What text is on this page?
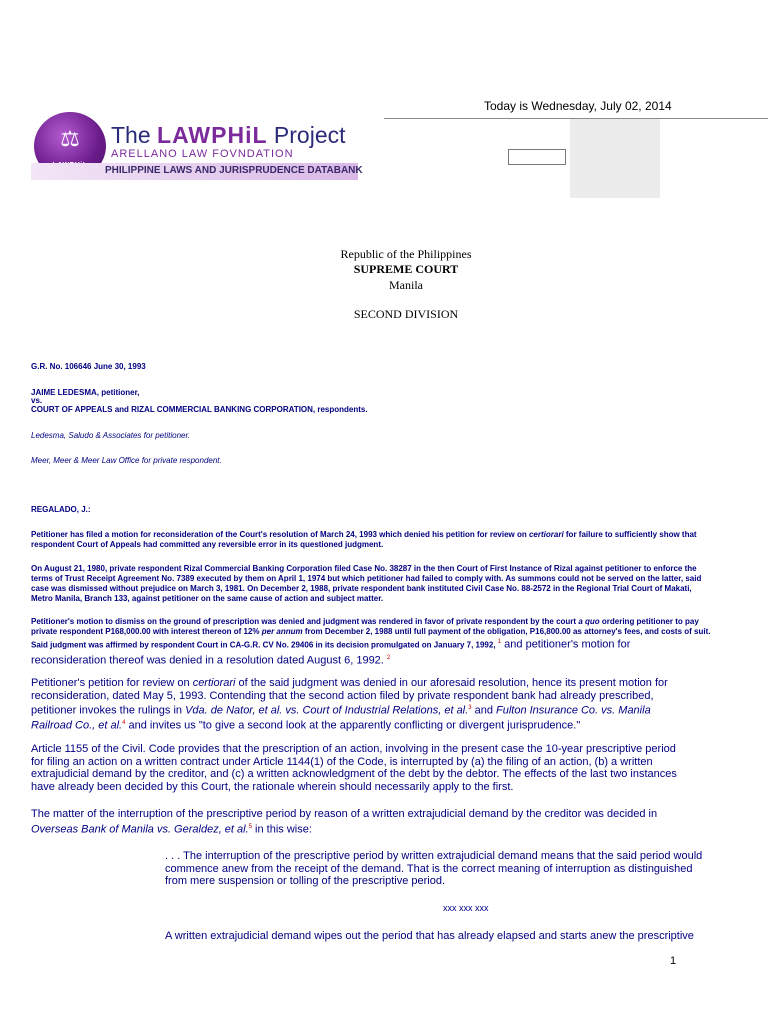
Today is Wednesday, July 02, 2014
⚖	The LAWPHiL Project
ARELLANO LAW FOVNDATION
PHILIPPINE LAWS AND JURISPRUDENCE DATABANK
Republic of the Philippines
SUPREME COURT
Manila
SECOND DIVISION
G.R. No. 106646 June 30, 1993
JAIME LEDESMA, petitioner,
vs.
COURT OF APPEALS and RIZAL COMMERCIAL BANKING CORPORATION, respondents.
Ledesma, Saludo & Associates for petitioner.
Meer, Meer & Meer Law Office for private respondent.
REGALADO, J.:
Petitioner has filed a motion for reconsideration of the Court's resolution of March 24, 1993 which denied his petition for review on certiorari for failure to sufficiently show that
respondent Court of Appeals had committed any reversible error in its questioned judgment.
On August 21, 1980, private respondent Rizal Commercial Banking Corporation filed Case No. 38287 in the then Court of First Instance of Rizal against petitioner to enforce the
terms of Trust Receipt Agreement No. 7389 executed by them on April 1, 1974 but which petitioner had failed to comply with. As summons could not be served on the latter, said
case was dismissed without prejudice on March 3, 1981. On December 2, 1988, private respondent bank instituted Civil Case No. 88-2572 in the Regional Trial Court of Makati,
Metro Manila, Branch 133, against petitioner on the same cause of action and subject matter.
Petitioner's motion to dismiss on the ground of prescription was denied and judgment was rendered in favor of private respondent by the court a quo ordering petitioner to pay
private respondent P168,000.00 with interest thereon of 12% per annum from December 2, 1988 until full payment of the obligation, P16,800.00 as attorney's fees, and costs of suit.
Said judgment was affirmed by respondent Court in CA-G.R. CV No. 29406 in its decision promulgated on January 7, 1992, $^1$ and petitioner's motion for
reconsideration thereof was denied in a resolution dated August 6, 1992. $^2$
Petitioner's petition for review on certiorari of the said judgment was denied in our aforesaid resolution, hence its present motion for
reconsideration, dated May 5, 1993. Contending that the second action filed by private respondent bank had already prescribed,
petitioner invokes the rulings in Vda. de Nator, et al. vs. Court of Industrial Relations, et al.$^3$ and Fulton Insurance Co. vs. Manila
Railroad Co., et al.$^4$ and invites us "to give a second look at the apparently conflicting or divergent jurisprudence."
Article 1155 of the Civil. Code provides that the prescription of an action, involving in the present case the 10-year prescriptive period
for filing an action on a written contract under Article 1144(1) of the Code, is interrupted by (a) the filing of an action, (b) a written
extrajudicial demand by the creditor, and (c) a written acknowledgment of the debt by the debtor. The effects of the last two instances
have already been decided by this Court, the rationale wherein should necessarily apply to the first.
The matter of the interruption of the prescriptive period by reason of a written extrajudicial demand by the creditor was decided in
Overseas Bank of Manila vs. Geraldez, et al.$^5$ in this wise:
. . . The interruption of the prescriptive period by written extrajudicial demand means that the said period would
commence anew from the receipt of the demand. That is the correct meaning of interruption as distinguished
from mere suspension or tolling of the prescriptive period.
xxx xxx xxx
A written extrajudicial demand wipes out the period that has already elapsed and starts anew the prescriptive
1
